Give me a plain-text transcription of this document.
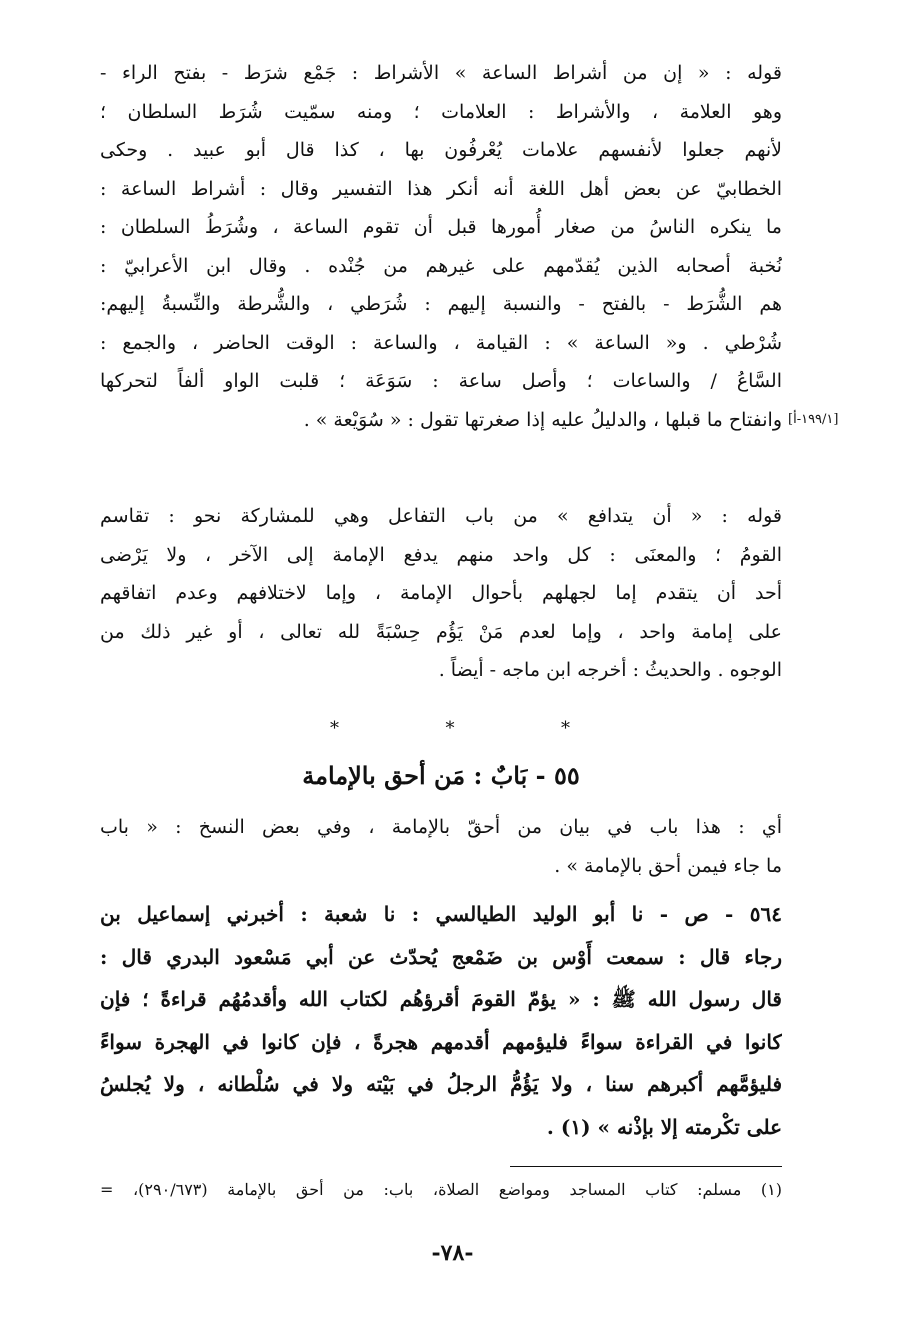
قوله : « إن من أشراط الساعة » الأشراط : جَمْع شرَط - بفتح الراء -
وهو العلامة ، والأشراط : العلامات ؛ ومنه سمّيت شُرَط السلطان ؛
لأنهم جعلوا لأنفسهم علامات يُعْرفُون بها ، كذا قال أبو عبيد . وحكى
الخطابيّ عن بعض أهل اللغة أنه أنكر هذا التفسير وقال : أشراط الساعة :
ما ينكره الناسُ من صغار أُمورها قبل أن تقوم الساعة ، وشُرَطُ السلطان :
نُخبة أصحابه الذين يُقدّمهم على غيرهم من جُنْده . وقال ابن الأعرابيّ :
هم الشُّرَط - بالفتح - والنسبة إليهم : شُرَطي ، والشُّرطة والنِّسبةُ إليهم:
شُرْطي . و« الساعة » : القيامة ، والساعة : الوقت الحاضر ، والجمع :
السَّاعُ / والساعات ؛ وأصل ساعة : سَوَعَة ؛ قلبت الواو ألفاً لتحركها
وانفتاح ما قبلها ، والدليلُ عليه إذا صغرتها تقول : « سُوَيْعة » . [١٩٩/١-أ]
قوله : « أن يتدافع » من باب التفاعل وهي للمشاركة نحو : تقاسم
القومُ ؛ والمعنَى : كل واحد منهم يدفع الإمامة إلى الآخر ، ولا يَرْضى
أحد أن يتقدم إما لجهلهم بأحوال الإمامة ، وإما لاختلافهم وعدم اتفاقهم
على إمامة واحد ، وإما لعدم مَنْ يَؤُم حِسْبَةً لله تعالى ، أو غير ذلك من
الوجوه . والحديثُ : أخرجه ابن ماجه - أيضاً .
*	*	*
٥٥ - بَابٌ : مَن أحق بالإمامة
أي : هذا باب في بيان من أحقّ بالإمامة ، وفي بعض النسخ : « باب
ما جاء فيمن أحق بالإمامة » .
٥٦٤ - ص - نا أبو الوليد الطيالسي : نا شعبة : أخبرني إسماعيل بن
رجاء قال : سمعت أَوْس بن ضَمْعج يُحدّث عن أبي مَسْعود البدري قال :
قال رسول الله ﷺ : « يؤمّ القومَ أقرؤهُم لكتاب الله وأقدمُهُم قراءةً ؛ فإن
كانوا في القراءة سواءً فليؤمهم أقدمهم هجرةً ، فإن كانوا في الهجرة سواءً
فليؤمَّهم أكبرهم سنا ، ولا يَؤُمُّ الرجلُ في بَيْته ولا في سُلْطانه ، ولا يُجلسُ
على تكْرمته إلا بإذْنه » (١) .
(١) مسلم: كتاب المساجد ومواضع الصلاة، باب: من أحق بالإمامة (٢٩٠/٦٧٣)، =
-٧٨-
